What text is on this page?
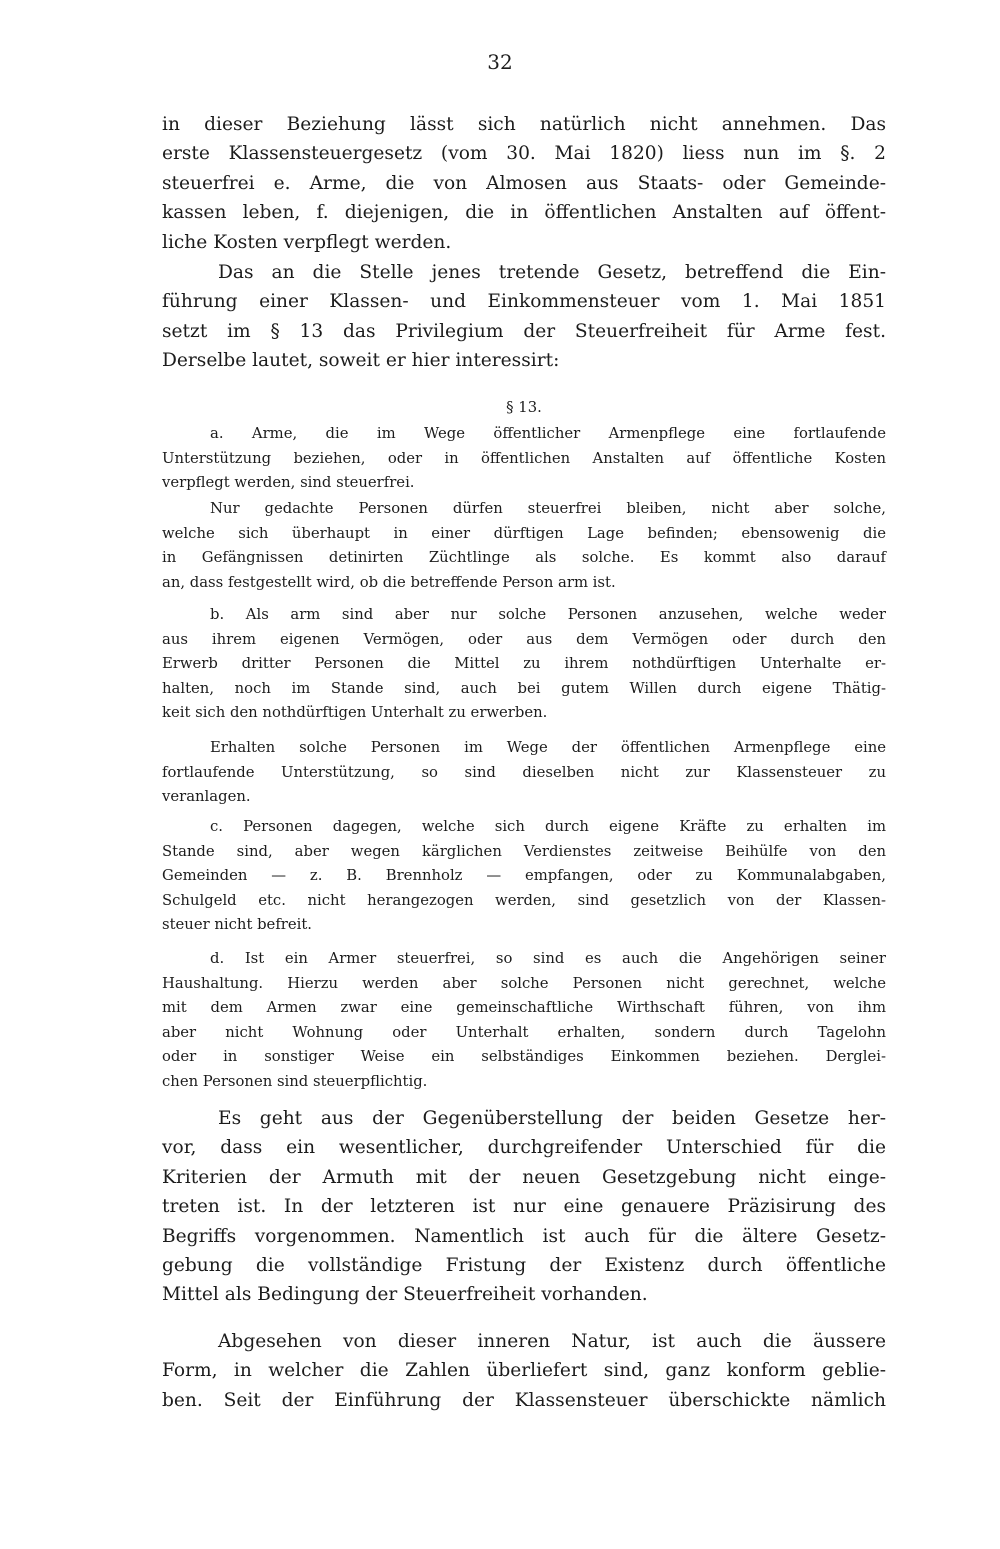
32
in dieser Beziehung lässt sich natürlich nicht annehmen. Das
erste Klassensteuergesetz (vom 30. Mai 1820) liess nun im §. 2
steuerfrei e. Arme, die von Almosen aus Staats- oder Gemeinde-
kassen leben, f. diejenigen, die in öffentlichen Anstalten auf öffent-
liche Kosten verpflegt werden.
Das an die Stelle jenes tretende Gesetz, betreffend die Ein-
führung einer Klassen- und Einkommensteuer vom 1. Mai 1851
setzt im § 13 das Privilegium der Steuerfreiheit für Arme fest.
Derselbe lautet, soweit er hier interessirt:
§ 13.
a. Arme, die im Wege öffentlicher Armenpflege eine fortlaufende
Unterstützung beziehen, oder in öffentlichen Anstalten auf öffentliche Kosten
verpflegt werden, sind steuerfrei.
Nur gedachte Personen dürfen steuerfrei bleiben, nicht aber solche,
welche sich überhaupt in einer dürftigen Lage befinden; ebensowenig die
in Gefängnissen detinirten Züchtlinge als solche. Es kommt also darauf
an, dass festgestellt wird, ob die betreffende Person arm ist.
b. Als arm sind aber nur solche Personen anzusehen, welche weder
aus ihrem eigenen Vermögen, oder aus dem Vermögen oder durch den
Erwerb dritter Personen die Mittel zu ihrem nothdürftigen Unterhalte er-
halten, noch im Stande sind, auch bei gutem Willen durch eigene Thätig-
keit sich den nothdürftigen Unterhalt zu erwerben.
Erhalten solche Personen im Wege der öffentlichen Armenpflege eine
fortlaufende Unterstützung, so sind dieselben nicht zur Klassensteuer zu
veranlagen.
c. Personen dagegen, welche sich durch eigene Kräfte zu erhalten im
Stande sind, aber wegen kärglichen Verdienstes zeitweise Beihülfe von den
Gemeinden — z. B. Brennholz — empfangen, oder zu Kommunalabgaben,
Schulgeld etc. nicht herangezogen werden, sind gesetzlich von der Klassen-
steuer nicht befreit.
d. Ist ein Armer steuerfrei, so sind es auch die Angehörigen seiner
Haushaltung. Hierzu werden aber solche Personen nicht gerechnet, welche
mit dem Armen zwar eine gemeinschaftliche Wirthschaft führen, von ihm
aber nicht Wohnung oder Unterhalt erhalten, sondern durch Tagelohn
oder in sonstiger Weise ein selbständiges Einkommen beziehen. Derglei-
chen Personen sind steuerpflichtig.
Es geht aus der Gegenüberstellung der beiden Gesetze her-
vor, dass ein wesentlicher, durchgreifender Unterschied für die
Kriterien der Armuth mit der neuen Gesetzgebung nicht einge-
treten ist. In der letzteren ist nur eine genauere Präzisirung des
Begriffs vorgenommen. Namentlich ist auch für die ältere Gesetz-
gebung die vollständige Fristung der Existenz durch öffentliche
Mittel als Bedingung der Steuerfreiheit vorhanden.
Abgesehen von dieser inneren Natur, ist auch die äussere
Form, in welcher die Zahlen überliefert sind, ganz konform geblie-
ben. Seit der Einführung der Klassensteuer überschickte nämlich
